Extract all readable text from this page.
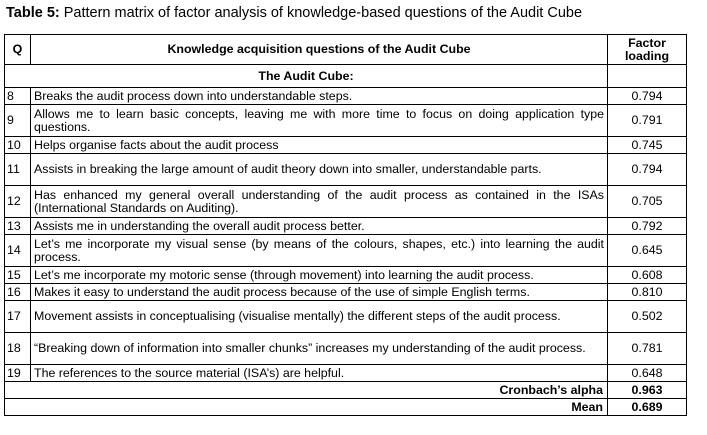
Table 5: Pattern matrix of factor analysis of knowledge-based questions of the Audit Cube
Q	Knowledge acquisition questions of the Audit Cube	Factor loading
The Audit Cube:		
8	Breaks the audit process down into understandable steps.	0.794
9	Allows me to learn basic concepts, leaving me with more time to focus on doing application type questions.	0.791
10	Helps organise facts about the audit process	0.745
11	Assists in breaking the large amount of audit theory down into smaller, understandable parts.	0.794
12	Has enhanced my general overall understanding of the audit process as contained in the ISAs (International Standards on Auditing).	0.705
13	Assists me in understanding the overall audit process better.	0.792
14	Let’s me incorporate my visual sense (by means of the colours, shapes, etc.) into learning the audit process.	0.645
15	Let’s me incorporate my motoric sense (through movement) into learning the audit process.	0.608
16	Makes it easy to understand the audit process because of the use of simple English terms.	0.810
17	Movement assists in conceptualising (visualise mentally) the different steps of the audit process.	0.502
18	“Breaking down of information into smaller chunks” increases my understanding of the audit process.	0.781
19	The references to the source material (ISA’s) are helpful.	0.648
Cronbach’s alpha		0.963
Mean		0.689
